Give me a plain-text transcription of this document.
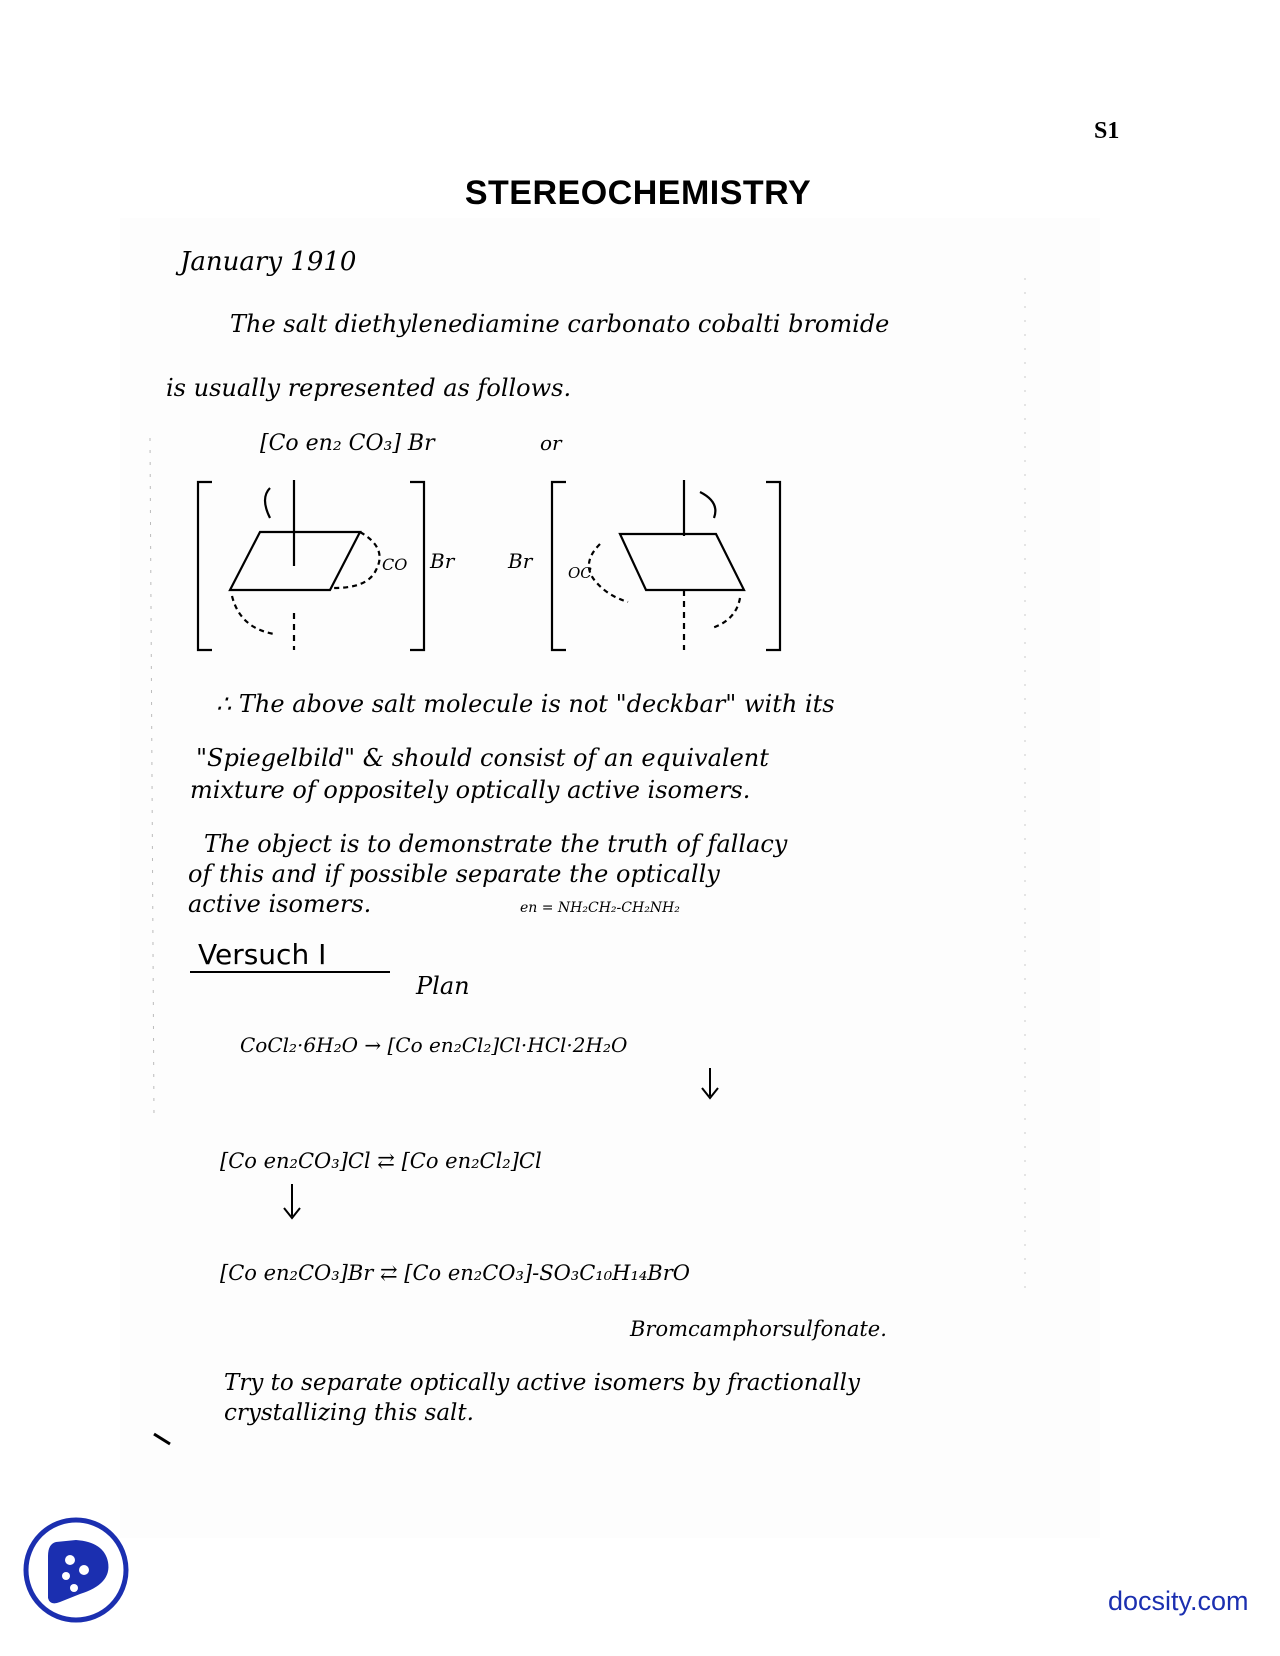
S1
STEREOCHEMISTRY
January 1910
The salt diethylenediamine carbonato cobalti bromide
is usually represented as follows.
[Co en₂ CO₃] Br	or
CO Br	Br OC
∴ The above salt molecule is not "deckbar" with its
"Spiegelbild" & should consist of an equivalent
mixture of oppositely optically active isomers.
The object is to demonstrate the truth of fallacy
of this and if possible separate the optically
active isomers.	en = NH₂CH₂-CH₂NH₂
Versuch I
Plan
CoCl₂·6H₂O → [Co en₂Cl₂]Cl·HCl·2H₂O
[Co en₂CO₃]Cl ⇄ [Co en₂Cl₂]Cl
[Co en₂CO₃]Br ⇄ [Co en₂CO₃]-SO₃C₁₀H₁₄BrO
Bromcamphorsulfonate.
Try to separate optically active isomers by fractionally
crystallizing this salt.
docsity.com
